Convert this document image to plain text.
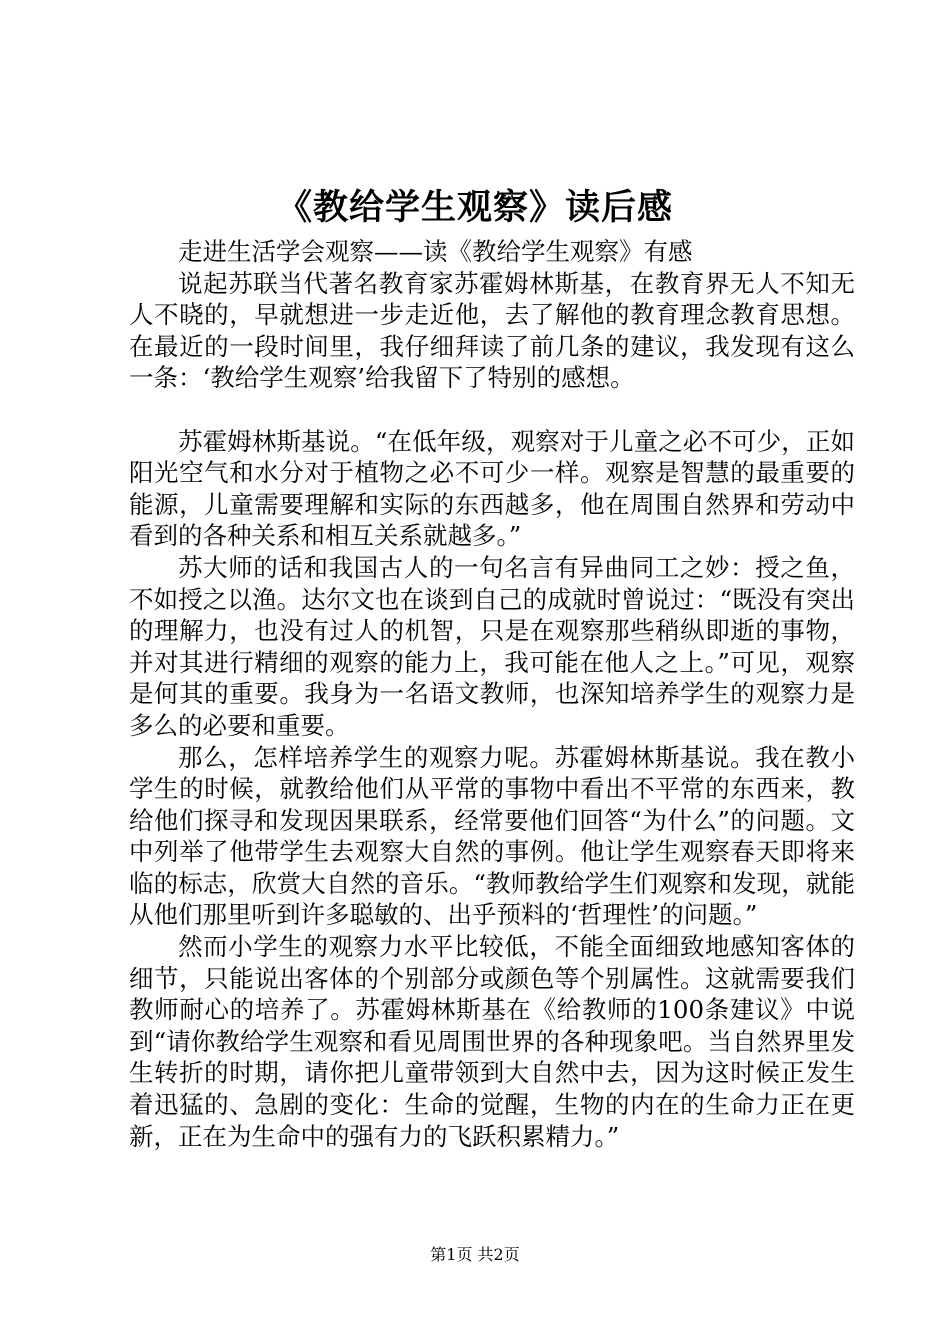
《教给学生观察》读后感

走进生活学会观察——读《教给学生观察》有感

说起苏联当代著名教育家苏霍姆林斯基，在教育界无人不知无人不晓的，早就想进一步走近他，去了解他的教育理念教育思想。在最近的一段时间里，我仔细拜读了前几条的建议，我发现有这么一条：‘教给学生观察’给我留下了特别的感想。

苏霍姆林斯基说。“在低年级，观察对于儿童之必不可少，正如阳光空气和水分对于植物之必不可少一样。观察是智慧的最重要的能源，儿童需要理解和实际的东西越多，他在周围自然界和劳动中看到的各种关系和相互关系就越多。”

苏大师的话和我国古人的一句名言有异曲同工之妙：授之鱼，不如授之以渔。达尔文也在谈到自己的成就时曾说过：“既没有突出的理解力，也没有过人的机智，只是在观察那些稍纵即逝的事物，并对其进行精细的观察的能力上，我可能在他人之上。”可见，观察是何其的重要。我身为一名语文教师，也深知培养学生的观察力是多么的必要和重要。

那么，怎样培养学生的观察力呢。苏霍姆林斯基说。我在教小学生的时候，就教给他们从平常的事物中看出不平常的东西来，教给他们探寻和发现因果联系，经常要他们回答“为什么”的问题。文中列举了他带学生去观察大自然的事例。他让学生观察春天即将来临的标志，欣赏大自然的音乐。“教师教给学生们观察和发现，就能从他们那里听到许多聪敏的、出乎预料的‘哲理性’的问题。”

然而小学生的观察力水平比较低，不能全面细致地感知客体的细节，只能说出客体的个别部分或颜色等个别属性。这就需要我们教师耐心的培养了。苏霍姆林斯基在《给教师的100条建议》中说到“请你教给学生观察和看见周围世界的各种现象吧。当自然界里发生转折的时期，请你把儿童带领到大自然中去，因为这时候正发生着迅猛的、急剧的变化：生命的觉醒，生物的内在的生命力正在更新，正在为生命中的强有力的飞跃积累精力。”

第1页 共2页
